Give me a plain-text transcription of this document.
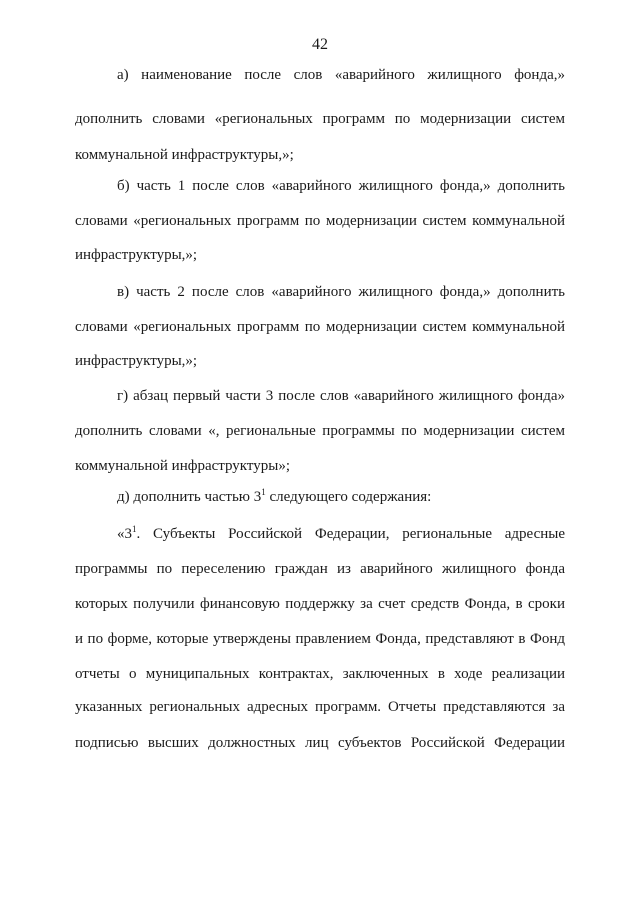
42
а) наименование после слов «аварийного жилищного фонда,»
дополнить словами «региональных программ по модернизации систем
коммунальной инфраструктуры,»;
б) часть 1 после слов «аварийного жилищного фонда,» дополнить
словами «региональных программ по модернизации систем коммунальной
инфраструктуры,»;
в) часть 2 после слов «аварийного жилищного фонда,» дополнить
словами «региональных программ по модернизации систем коммунальной
инфраструктуры,»;
г) абзац первый части 3 после слов «аварийного жилищного фонда»
дополнить словами «, региональные программы по модернизации систем
коммунальной инфраструктуры»;
д) дополнить частью $3^1$ следующего содержания:
«$3^1$. Субъекты Российской Федерации, региональные адресные
программы по переселению граждан из аварийного жилищного фонда
которых получили финансовую поддержку за счет средств Фонда, в сроки
и по форме, которые утверждены правлением Фонда, представляют в Фонд
отчеты о муниципальных контрактах, заключенных в ходе реализации
указанных региональных адресных программ. Отчеты представляются за
подписью высших должностных лиц субъектов Российской Федерации
